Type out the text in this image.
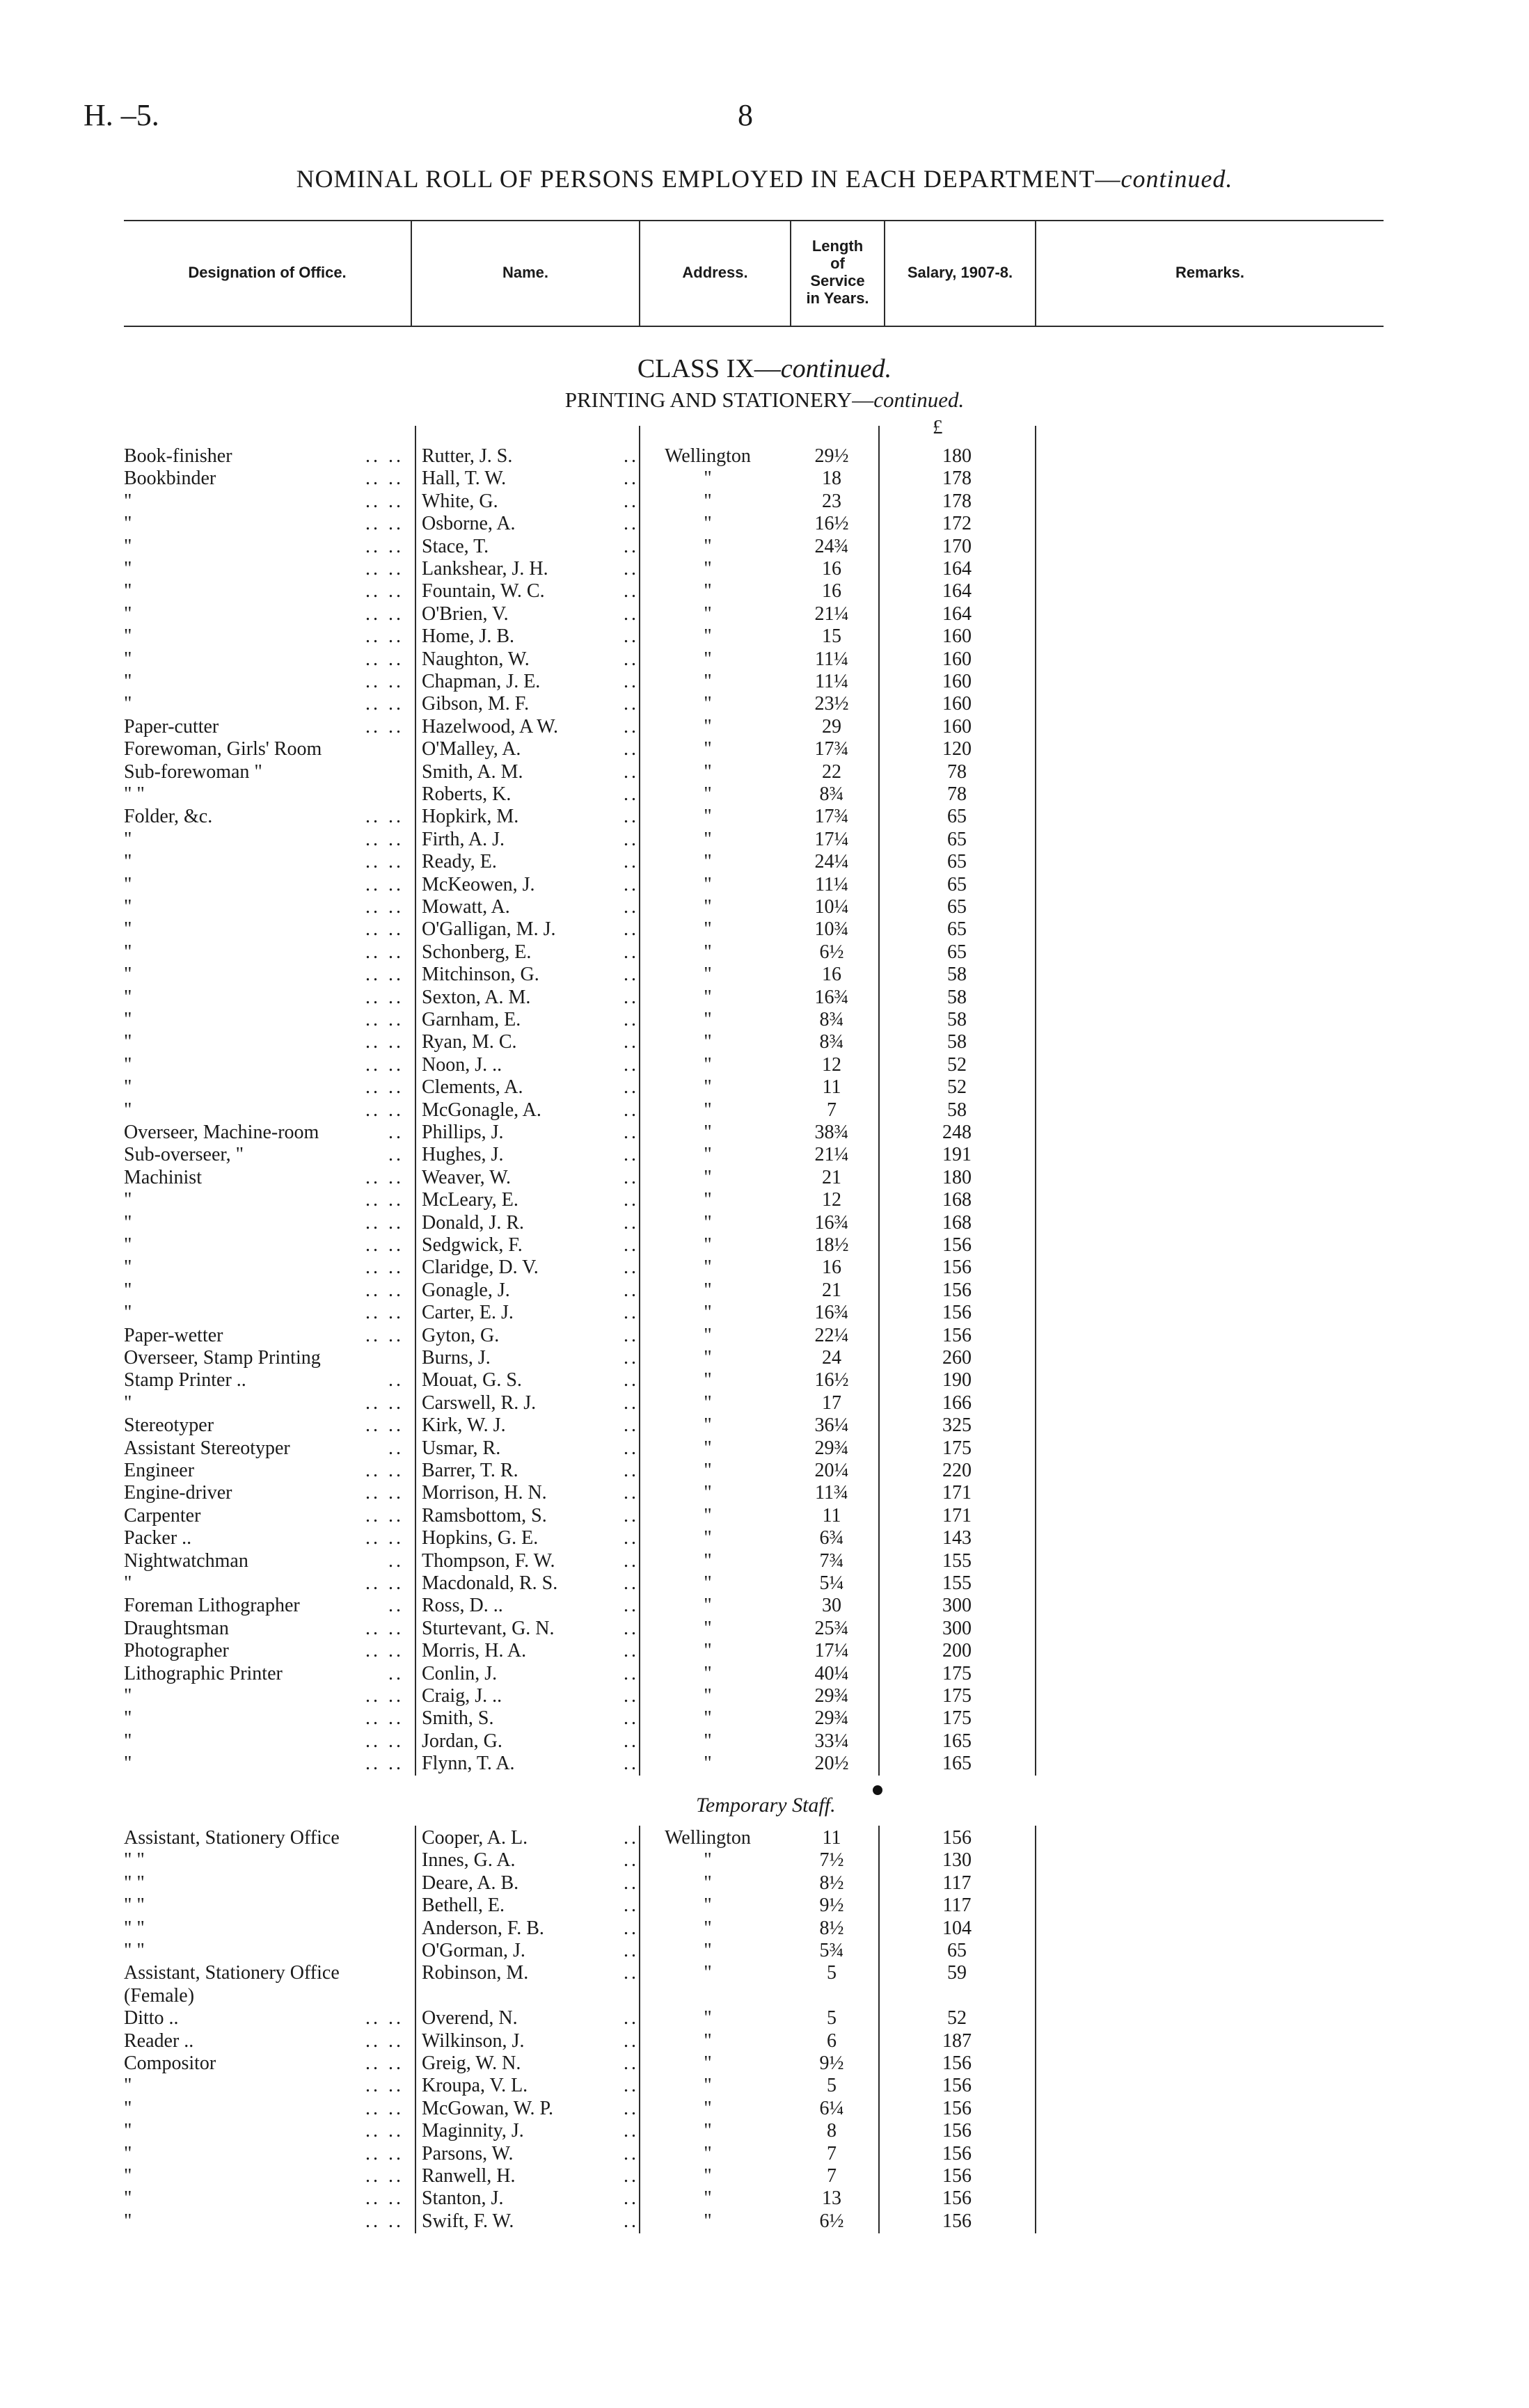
H. –5.	8
NOMINAL ROLL OF PERSONS EMPLOYED IN EACH DEPARTMENT—continued.
Designation of Office.	Name.	Address.
Length
of
Service
in Years.
Salary, 1907-8.	Remarks.
CLASS IX—continued.
PRINTING AND STATIONERY—continued.
£
Book-finisher	.. .. Rutter, J. S.	..	Wellington	29½	180
Bookbinder	.. .. Hall, T. W.	..	"	18	178
"	.. .. White, G.	..	"	23	178
"	.. .. Osborne, A.	..	"	16½	172
"	.. .. Stace, T.	..	"	24¾	170
"	.. .. Lankshear, J. H.	..	"	16	164
"	.. .. Fountain, W. C.	..	"	16	164
"	.. .. O'Brien, V.	..	"	21¼	164
"	.. .. Home, J. B.	..	"	15	160
"	.. .. Naughton, W.	..	"	11¼	160
"	.. .. Chapman, J. E.	..	"	11¼	160
"	.. .. Gibson, M. F.	..	"	23½	160
Paper-cutter	.. .. Hazelwood, A W.	..	"	29	160
Forewoman, Girls' Room	O'Malley, A.	..	"	17¾	120
Sub-forewoman "	Smith, A. M.	..	"	22	78
" "	Roberts, K.	..	"	8¾	78
Folder, &c.	.. .. Hopkirk, M.	..	"	17¾	65
"	.. .. Firth, A. J.	..	"	17¼	65
"	.. .. Ready, E.	..	"	24¼	65
"	.. .. McKeowen, J.	..	"	11¼	65
"	.. .. Mowatt, A.	..	"	10¼	65
"	.. .. O'Galligan, M. J.	..	"	10¾	65
"	.. .. Schonberg, E.	..	"	6½	65
"	.. .. Mitchinson, G.	..	"	16	58
"	.. .. Sexton, A. M.	..	"	16¾	58
"	.. .. Garnham, E.	..	"	8¾	58
"	.. .. Ryan, M. C.	..	"	8¾	58
"	.. .. Noon, J. ..	..	"	12	52
"	.. .. Clements, A.	..	"	11	52
"	.. .. McGonagle, A.	..	"	7	58
Overseer, Machine-room	.. Phillips, J.	..	"	38¾	248
Sub-overseer, "	.. Hughes, J.	..	"	21¼	191
Machinist	.. .. Weaver, W.	..	"	21	180
"	.. .. McLeary, E.	..	"	12	168
"	.. .. Donald, J. R.	..	"	16¾	168
"	.. .. Sedgwick, F.	..	"	18½	156
"	.. .. Claridge, D. V.	..	"	16	156
"	.. .. Gonagle, J.	..	"	21	156
"	.. .. Carter, E. J.	..	"	16¾	156
Paper-wetter	.. .. Gyton, G.	..	"	22¼	156
Overseer, Stamp Printing	Burns, J.	..	"	24	260
Stamp Printer ..	.. Mouat, G. S.	..	"	16½	190
"	.. .. Carswell, R. J.	..	"	17	166
Stereotyper	.. .. Kirk, W. J.	..	"	36¼	325
Assistant Stereotyper	.. Usmar, R.	..	"	29¾	175
Engineer	.. .. Barrer, T. R.	..	"	20¼	220
Engine-driver	.. .. Morrison, H. N.	..	"	11¾	171
Carpenter	.. .. Ramsbottom, S.	..	"	11	171
Packer ..	.. .. Hopkins, G. E.	..	"	6¾	143
Nightwatchman	.. Thompson, F. W.	..	"	7¾	155
"	.. .. Macdonald, R. S.	..	"	5¼	155
Foreman Lithographer	.. Ross, D. ..	..	"	30	300
Draughtsman	.. .. Sturtevant, G. N.	..	"	25¾	300
Photographer	.. .. Morris, H. A.	..	"	17¼	200
Lithographic Printer	.. Conlin, J.	..	"	40¼	175
"	.. .. Craig, J. ..	..	"	29¾	175
"	.. .. Smith, S.	..	"	29¾	175
"	.. .. Jordan, G.	..	"	33¼	165
"	.. .. Flynn, T. A.	..	"	20½	165
Temporary Staff.
Assistant, Stationery Office	Cooper, A. L.	..	Wellington	11	156
" "	Innes, G. A.	..	"	7½	130
" "	Deare, A. B.	..	"	8½	117
" "	Bethell, E.	..	"	9½	117
" "	Anderson, F. B.	..	"	8½	104
" "	O'Gorman, J.	..	"	5¾	65
Assistant, Stationery Office	Robinson, M.	..	"	5	59
(Female)
Ditto ..	.. .. Overend, N.	..	"	5	52
Reader ..	.. .. Wilkinson, J.	..	"	6	187
Compositor	.. .. Greig, W. N.	..	"	9½	156
"	.. .. Kroupa, V. L.	..	"	5	156
"	.. .. McGowan, W. P.	..	"	6¼	156
"	.. .. Maginnity, J.	..	"	8	156
"	.. .. Parsons, W.	..	"	7	156
"	.. .. Ranwell, H.	..	"	7	156
"	.. .. Stanton, J.	..	"	13	156
"	.. .. Swift, F. W.	..	"	6½	156
